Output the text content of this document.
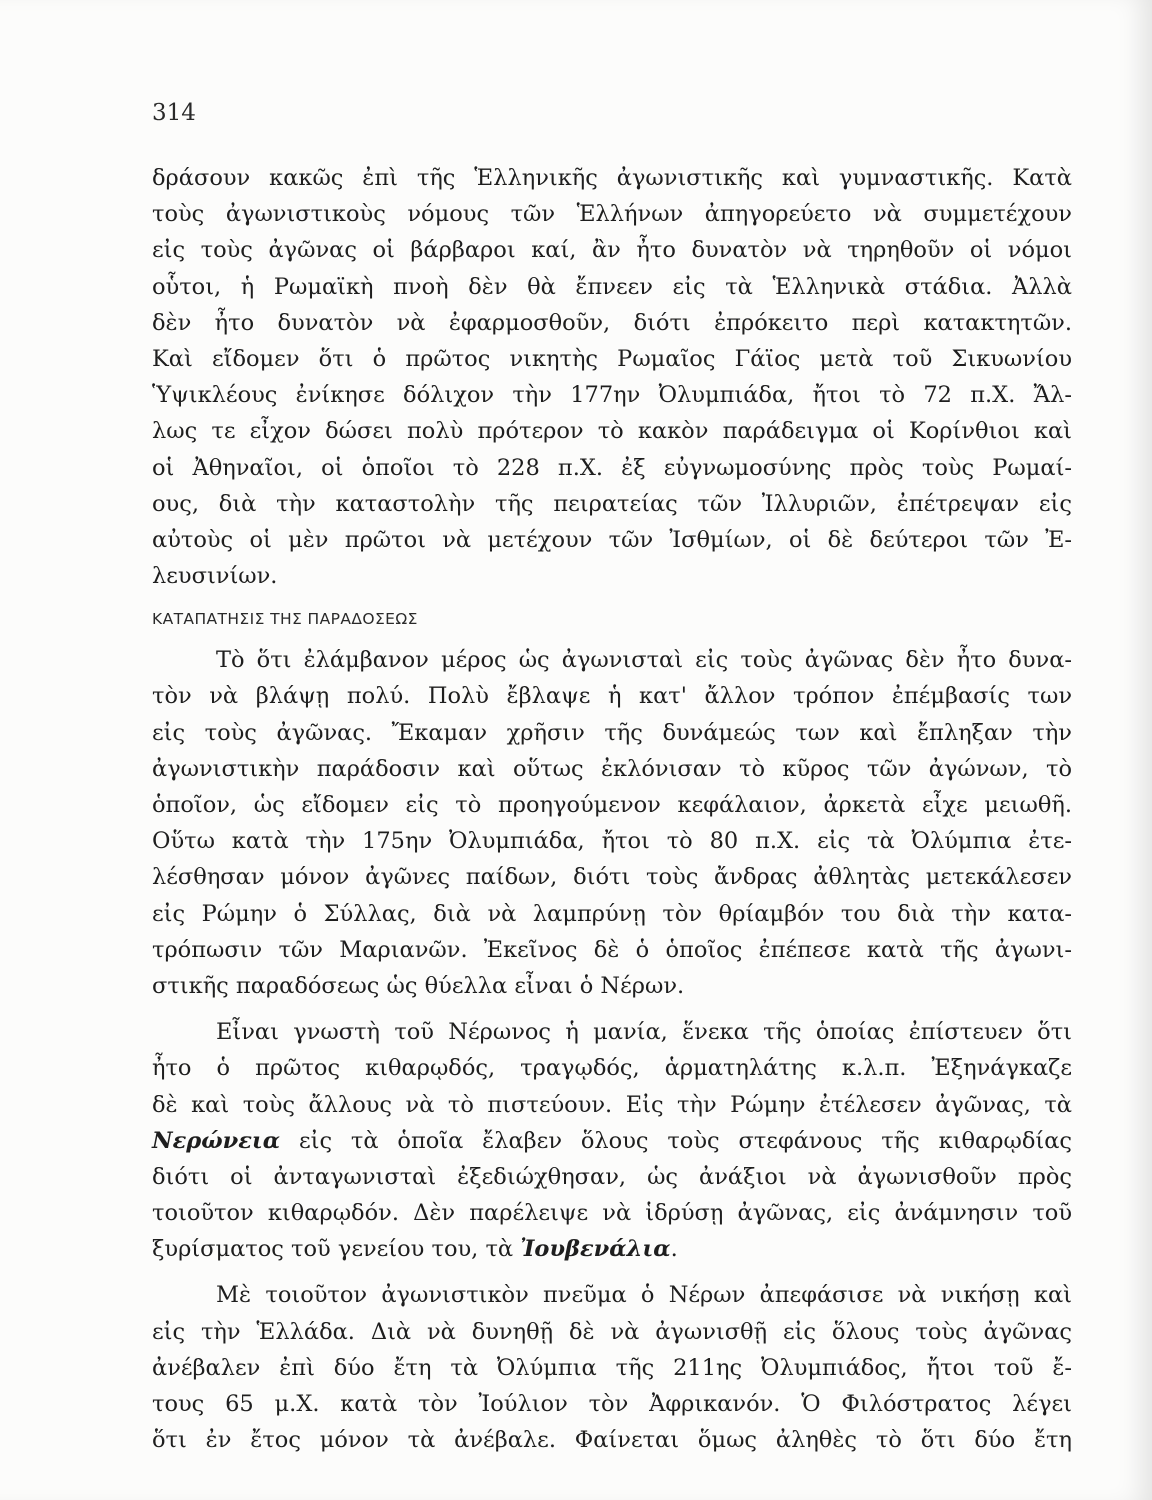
314
δράσουν κακῶς ἐπὶ τῆς Ἑλληνικῆς ἀγωνιστικῆς καὶ γυμναστικῆς. Κατὰ
τοὺς ἀγωνιστικοὺς νόμους τῶν Ἑλλήνων ἀπηγορεύετο νὰ συμμετέχουν
εἰς τοὺς ἀγῶνας οἱ βάρβαροι καί, ἂν ἦτο δυνατὸν νὰ τηρηθοῦν οἱ νόμοι
οὗτοι, ἡ Ρωμαϊκὴ πνοὴ δὲν θὰ ἔπνεεν εἰς τὰ Ἑλληνικὰ στάδια. Ἀλλὰ
δὲν ἦτο δυνατὸν νὰ ἐφαρμοσθοῦν, διότι ἐπρόκειτο περὶ κατακτητῶν.
Καὶ εἴδομεν ὅτι ὁ πρῶτος νικητὴς Ρωμαῖος Γάϊος μετὰ τοῦ Σικυωνίου
Ὑψικλέους ἐνίκησε δόλιχον τὴν 177ην Ὀλυμπιάδα, ἤτοι τὸ 72 π.Χ. Ἄλ-
λως τε εἶχον δώσει πολὺ πρότερον τὸ κακὸν παράδειγμα οἱ Κορίνθιοι καὶ
οἱ Ἀθηναῖοι, οἱ ὁποῖοι τὸ 228 π.Χ. ἐξ εὐγνωμοσύνης πρὸς τοὺς Ρωμαί-
ους, διὰ τὴν καταστολὴν τῆς πειρατείας τῶν Ἰλλυριῶν, ἐπέτρεψαν εἰς
αὐτοὺς οἱ μὲν πρῶτοι νὰ μετέχουν τῶν Ἰσθμίων, οἱ δὲ δεύτεροι τῶν Ἐ-
λευσινίων.
ΚΑΤΑΠΑΤΗΣΙΣ ΤΗΣ ΠΑΡΑΔΟΣΕΩΣ
Τὸ ὅτι ἐλάμβανον μέρος ὡς ἀγωνισταὶ εἰς τοὺς ἀγῶνας δὲν ἦτο δυνα-
τὸν νὰ βλάψῃ πολύ. Πολὺ ἔβλαψε ἡ κατ' ἄλλον τρόπον ἐπέμβασίς των
εἰς τοὺς ἀγῶνας. Ἔκαμαν χρῆσιν τῆς δυνάμεώς των καὶ ἔπληξαν τὴν
ἀγωνιστικὴν παράδοσιν καὶ οὕτως ἐκλόνισαν τὸ κῦρος τῶν ἀγώνων, τὸ
ὁποῖον, ὡς εἴδομεν εἰς τὸ προηγούμενον κεφάλαιον, ἀρκετὰ εἶχε μειωθῆ.
Οὕτω κατὰ τὴν 175ην Ὀλυμπιάδα, ἤτοι τὸ 80 π.Χ. εἰς τὰ Ὀλύμπια ἐτε-
λέσθησαν μόνον ἀγῶνες παίδων, διότι τοὺς ἄνδρας ἀθλητὰς μετεκάλεσεν
εἰς Ρώμην ὁ Σύλλας, διὰ νὰ λαμπρύνῃ τὸν θρίαμβόν του διὰ τὴν κατα-
τρόπωσιν τῶν Μαριανῶν. Ἐκεῖνος δὲ ὁ ὁποῖος ἐπέπεσε κατὰ τῆς ἀγωνι-
στικῆς παραδόσεως ὡς θύελλα εἶναι ὁ Νέρων.
Εἶναι γνωστὴ τοῦ Νέρωνος ἡ μανία, ἕνεκα τῆς ὁποίας ἐπίστευεν ὅτι
ἦτο ὁ πρῶτος κιθαρῳδός, τραγῳδός, ἁρματηλάτης κ.λ.π. Ἐξηνάγκαζε
δὲ καὶ τοὺς ἄλλους νὰ τὸ πιστεύουν. Εἰς τὴν Ρώμην ἐτέλεσεν ἀγῶνας, τὰ
Νερώνεια εἰς τὰ ὁποῖα ἔλαβεν ὅλους τοὺς στεφάνους τῆς κιθαρῳδίας
διότι οἱ ἀνταγωνισταὶ ἐξεδιώχθησαν, ὡς ἀνάξιοι νὰ ἀγωνισθοῦν πρὸς
τοιοῦτον κιθαρῳδόν. Δὲν παρέλειψε νὰ ἱδρύσῃ ἀγῶνας, εἰς ἀνάμνησιν τοῦ
ξυρίσματος τοῦ γενείου του, τὰ Ἰουβενάλια.
Μὲ τοιοῦτον ἀγωνιστικὸν πνεῦμα ὁ Νέρων ἀπεφάσισε νὰ νικήσῃ καὶ
εἰς τὴν Ἑλλάδα. Διὰ νὰ δυνηθῇ δὲ νὰ ἀγωνισθῇ εἰς ὅλους τοὺς ἀγῶνας
ἀνέβαλεν ἐπὶ δύο ἔτη τὰ Ὀλύμπια τῆς 211ης Ὀλυμπιάδος, ἤτοι τοῦ ἔ-
τους 65 μ.Χ. κατὰ τὸν Ἰούλιον τὸν Ἀφρικανόν. Ὁ Φιλόστρατος λέγει
ὅτι ἐν ἔτος μόνον τὰ ἀνέβαλε. Φαίνεται ὅμως ἀληθὲς τὸ ὅτι δύο ἔτη
